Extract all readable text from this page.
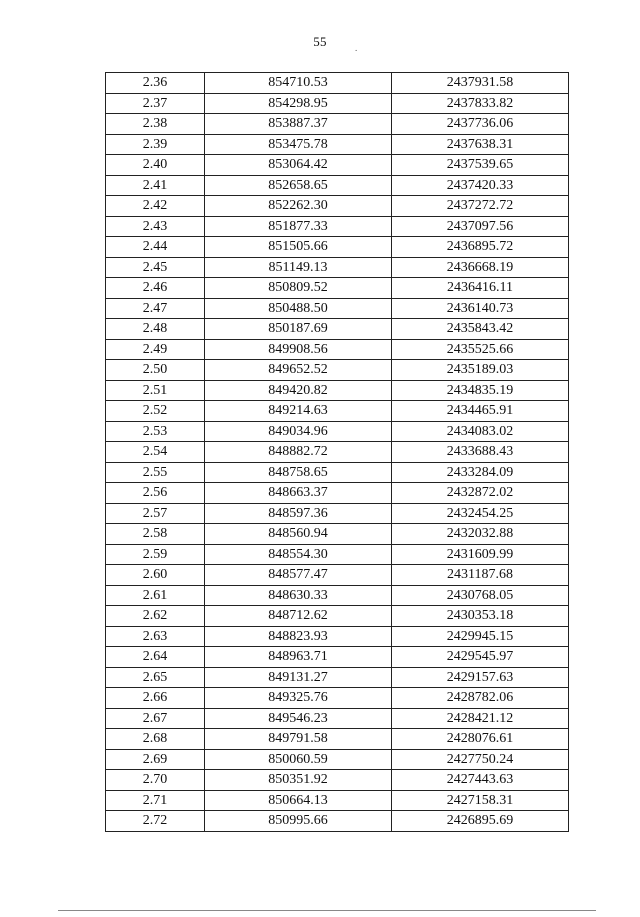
55	.
2.36	854710.53	2437931.58
2.37	854298.95	2437833.82
2.38	853887.37	2437736.06
2.39	853475.78	2437638.31
2.40	853064.42	2437539.65
2.41	852658.65	2437420.33
2.42	852262.30	2437272.72
2.43	851877.33	2437097.56
2.44	851505.66	2436895.72
2.45	851149.13	2436668.19
2.46	850809.52	2436416.11
2.47	850488.50	2436140.73
2.48	850187.69	2435843.42
2.49	849908.56	2435525.66
2.50	849652.52	2435189.03
2.51	849420.82	2434835.19
2.52	849214.63	2434465.91
2.53	849034.96	2434083.02
2.54	848882.72	2433688.43
2.55	848758.65	2433284.09
2.56	848663.37	2432872.02
2.57	848597.36	2432454.25
2.58	848560.94	2432032.88
2.59	848554.30	2431609.99
2.60	848577.47	2431187.68
2.61	848630.33	2430768.05
2.62	848712.62	2430353.18
2.63	848823.93	2429945.15
2.64	848963.71	2429545.97
2.65	849131.27	2429157.63
2.66	849325.76	2428782.06
2.67	849546.23	2428421.12
2.68	849791.58	2428076.61
2.69	850060.59	2427750.24
2.70	850351.92	2427443.63
2.71	850664.13	2427158.31
2.72	850995.66	2426895.69
